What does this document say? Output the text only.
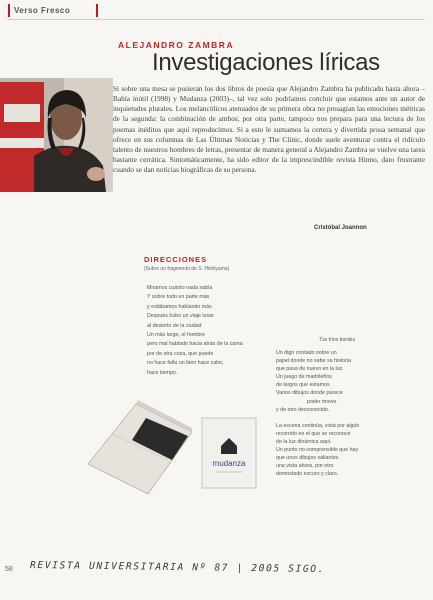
Verso Fresco
ALEJANDRO ZAMBRA
Investigaciones líricas
Si sobre una mesa se pusieran los dos libros de poesía que Alejandro Zambra ha publicado hasta ahora –Bahía inútil (1998) y Mudanza (2003)–, tal vez solo podríamos concluir que estamos ante un autor de inquietudes plurales. Los melancólicos atenuados de su primera obra no presagian las emociones métricas de la segunda: la combinación de ambos, por otra parte, tampoco nos prepara para una lectura de los poemas inéditos que aquí reproducimos. Si a esto le sumamos la certera y divertida prosa semanal que ofrece en sus columnas de Las Últimas Noticias y The Clinic, donde suele aventurar contra el ridículo talento de nuestros hombres de letras, presentar de manera general a Alejandro Zambra se vuelve una tarea bastante cerrática. Sintomáticamente, ha sido editor de la imprescindible revista Hinno, dato frustrante cuando se dan noticias biográficas de su persona.
Cristóbal Joannon
DIRECCIONES
(Sobre un fragmento de S. Hishiyama)
Miramos cuánto nada sabía
Y sobre todo un parte más
y estábamos hablando más
Después hubo un viaje lunar
al desierto de la ciudad
Un más largo, el hombre
pero mal hablado hacia atrás de la cama
por de otra cosa, que puede
no hace falta un bien hace calor,
hace tiempo.
Tus fríos bordes
Un digo contado sobre un
papel donde no sabe su historia
que pasa de nuevo en la luz.
Un juego de madrileños
de largos que estamos
Varios dibujos donde parece
poder mover
y de otro desconocido.
La escena continúa, vista por algún
recorrido en el que se reconoce
de la luz dinámica aquí.
Un punto no comprensible que hay
que unos dibujos valiantes
una vista ahora, por otro
demostado escuro y claro.
mudanza
58 REVISTA UNIVERSITARIA Nº 87 | 2005 SIGO.
